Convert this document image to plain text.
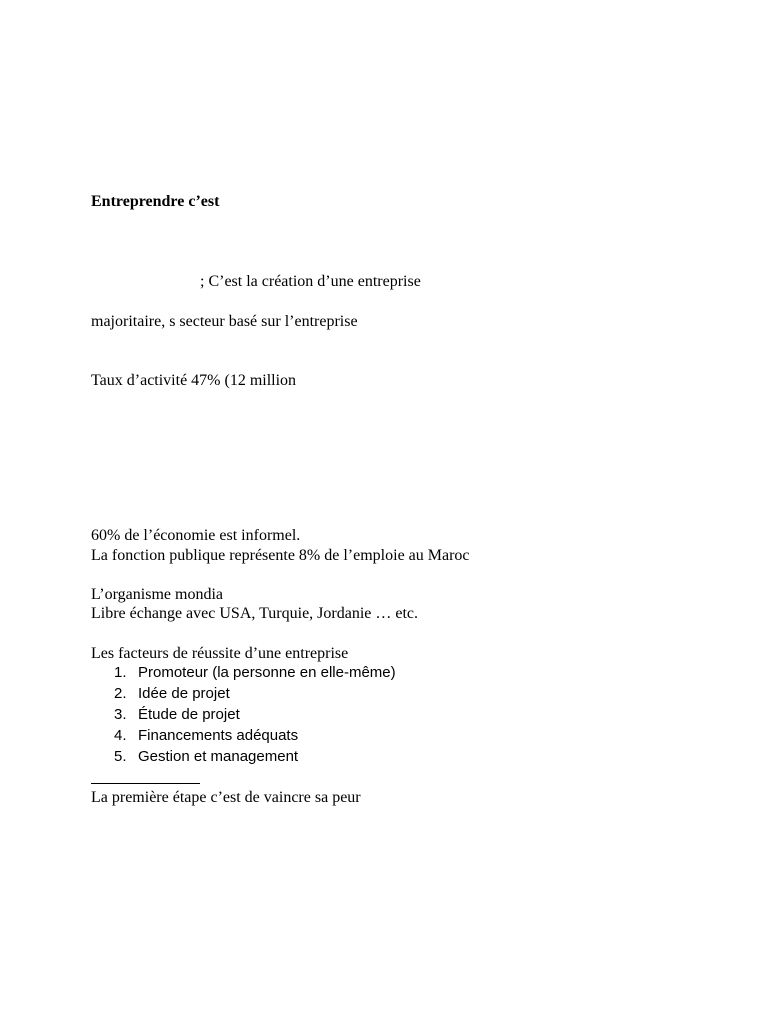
Entreprendre c’est
; C’est la création d’une entreprise
majoritaire, s secteur basé sur l’entreprise
Taux d’activité 47% (12 million
60% de l’économie est informel.
La fonction publique représente 8% de l’emploie au Maroc
L’organisme mondia
Libre échange avec USA, Turquie, Jordanie … etc.
Les facteurs de réussite d’une entreprise
1. Promoteur (la personne en elle-même)
2. Idée de projet
3. Étude de projet
4. Financements adéquats
5. Gestion et management
La première étape c’est de vaincre sa peur
